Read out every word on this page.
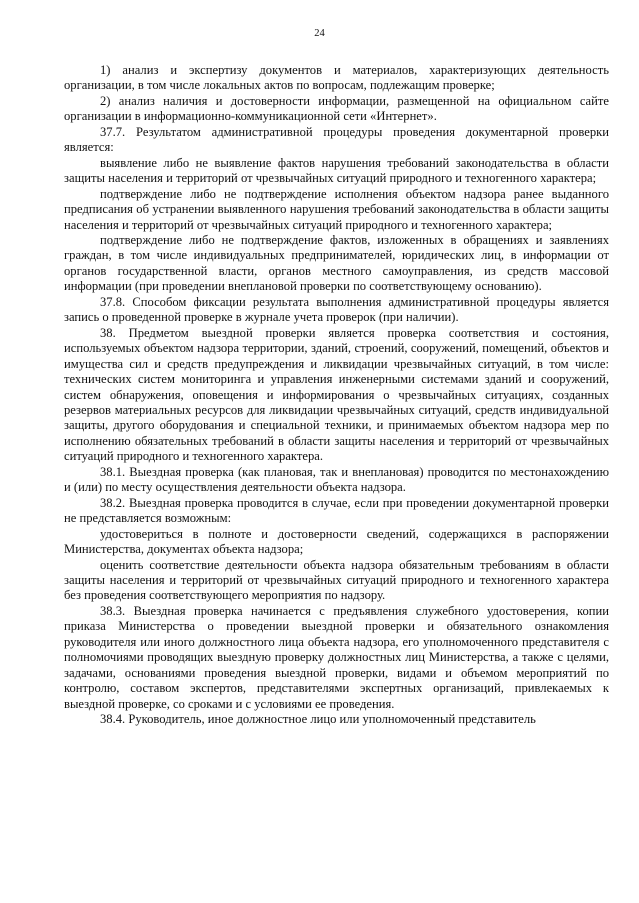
24

1) анализ и экспертизу документов и материалов, характеризующих деятельность организации, в том числе локальных актов по вопросам, подлежащим проверке;

2) анализ наличия и достоверности информации, размещенной на официальном сайте организации в информационно-коммуникационной сети «Интернет».

37.7. Результатом административной процедуры проведения документарной проверки является:

выявление либо не выявление фактов нарушения требований законодательства в области защиты населения и территорий от чрезвычайных ситуаций природного и техногенного характера;

подтверждение либо не подтверждение исполнения объектом надзора ранее выданного предписания об устранении выявленного нарушения требований законодательства в области защиты населения и территорий от чрезвычайных ситуаций природного и техногенного характера;

подтверждение либо не подтверждение фактов, изложенных в обращениях и заявлениях граждан, в том числе индивидуальных предпринимателей, юридических лиц, в информации от органов государственной власти, органов местного самоуправления, из средств массовой информации (при проведении внеплановой проверки по соответствующему основанию).

37.8. Способом фиксации результата выполнения административной процедуры является запись о проведенной проверке в журнале учета проверок (при наличии).

38. Предметом выездной проверки является проверка соответствия и состояния, используемых объектом надзора территории, зданий, строений, сооружений, помещений, объектов и имущества сил и средств предупреждения и ликвидации чрезвычайных ситуаций, в том числе: технических систем мониторинга и управления инженерными системами зданий и сооружений, систем обнаружения, оповещения и информирования о чрезвычайных ситуациях, созданных резервов материальных ресурсов для ликвидации чрезвычайных ситуаций, средств индивидуальной защиты, другого оборудования и специальной техники, и принимаемых объектом надзора мер по исполнению обязательных требований в области защиты населения и территорий от чрезвычайных ситуаций природного и техногенного характера.

38.1. Выездная проверка (как плановая, так и внеплановая) проводится по местонахождению и (или) по месту осуществления деятельности объекта надзора.

38.2. Выездная проверка проводится в случае, если при проведении документарной проверки не представляется возможным:

удостовериться в полноте и достоверности сведений, содержащихся в распоряжении Министерства, документах объекта надзора;

оценить соответствие деятельности объекта надзора обязательным требованиям в области защиты населения и территорий от чрезвычайных ситуаций природного и техногенного характера без проведения соответствующего мероприятия по надзору.

38.3. Выездная проверка начинается с предъявления служебного удостоверения, копии приказа Министерства о проведении выездной проверки и обязательного ознакомления руководителя или иного должностного лица объекта надзора, его уполномоченного представителя с полномочиями проводящих выездную проверку должностных лиц Министерства, а также с целями, задачами, основаниями проведения выездной проверки, видами и объемом мероприятий по контролю, составом экспертов, представителями экспертных организаций, привлекаемых к выездной проверке, со сроками и с условиями ее проведения.

38.4. Руководитель, иное должностное лицо или уполномоченный представитель
